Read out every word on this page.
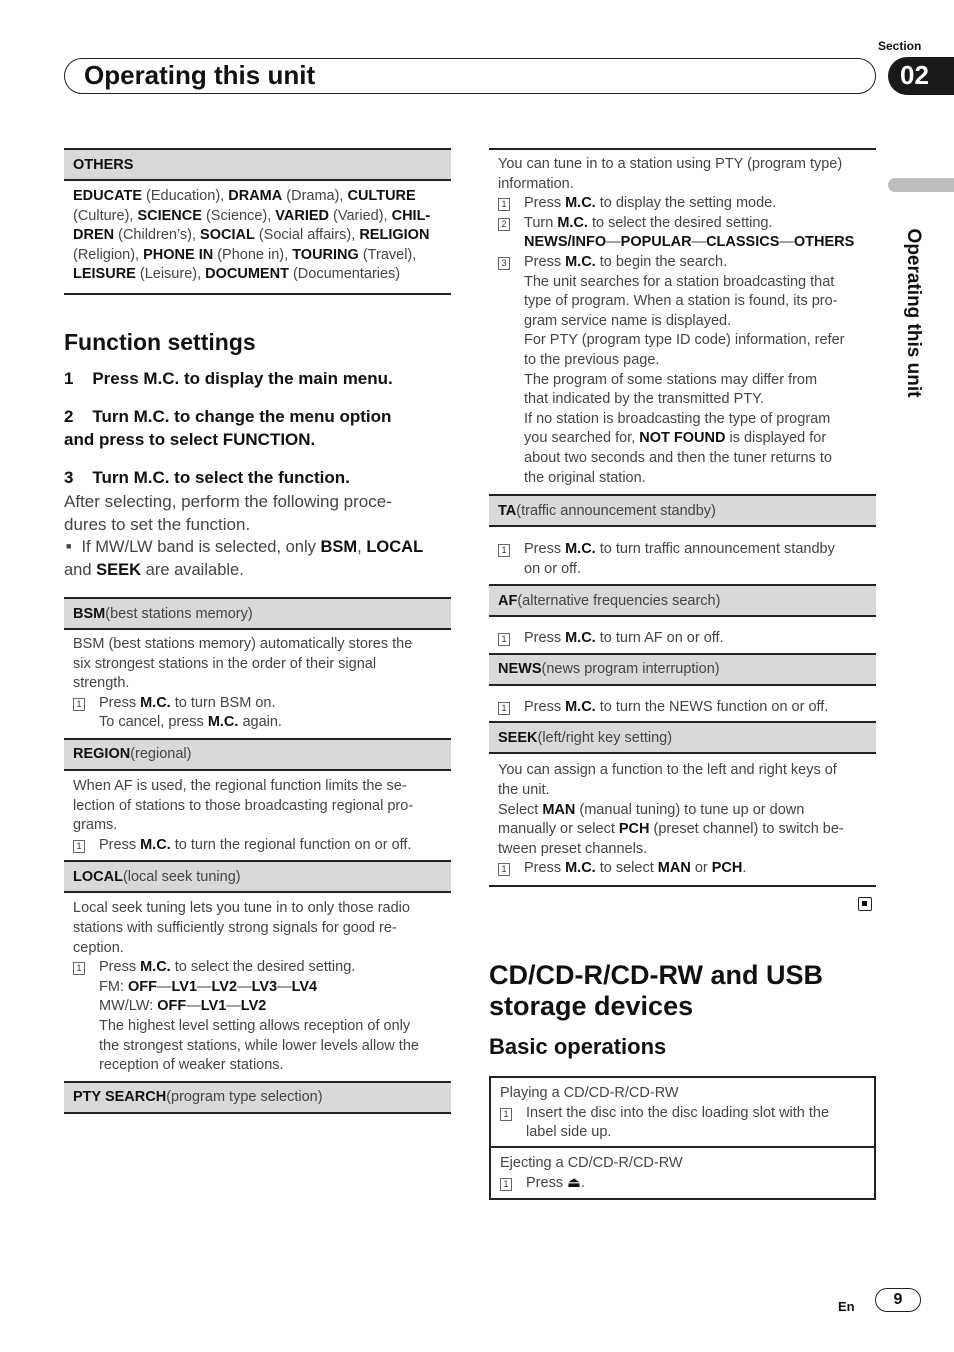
Section
Operating this unit	02
Operating this unit
OTHERS
EDUCATE (Education), DRAMA (Drama), CULTURE
(Culture), SCIENCE (Science), VARIED (Varied), CHIL-
DREN (Children’s), SOCIAL (Social affairs), RELIGION
(Religion), PHONE IN (Phone in), TOURING (Travel),
LEISURE (Leisure), DOCUMENT (Documentaries)
Function settings
1    Press M.C. to display the main menu.
2    Turn M.C. to change the menu option
and press to select FUNCTION.
3    Turn M.C. to select the function.
After selecting, perform the following proce-
dures to set the function.
■ If MW/LW band is selected, only BSM, LOCAL
and SEEK are available.
BSM (best stations memory)
BSM (best stations memory) automatically stores the
six strongest stations in the order of their signal
strength.
1 Press M.C. to turn BSM on.
To cancel, press M.C. again.
REGION (regional)
When AF is used, the regional function limits the se-
lection of stations to those broadcasting regional pro-
grams.
1 Press M.C. to turn the regional function on or off.
LOCAL (local seek tuning)
Local seek tuning lets you tune in to only those radio
stations with sufficiently strong signals for good re-
ception.
1 Press M.C. to select the desired setting.
FM: OFF—LV1—LV2—LV3—LV4
MW/LW: OFF—LV1—LV2
The highest level setting allows reception of only
the strongest stations, while lower levels allow the
reception of weaker stations.
PTY SEARCH (program type selection)
You can tune in to a station using PTY (program type)
information.
1 Press M.C. to display the setting mode.
2 Turn M.C. to select the desired setting.
NEWS/INFO—POPULAR—CLASSICS—OTHERS
3 Press M.C. to begin the search.
The unit searches for a station broadcasting that
type of program. When a station is found, its pro-
gram service name is displayed.
For PTY (program type ID code) information, refer
to the previous page.
The program of some stations may differ from
that indicated by the transmitted PTY.
If no station is broadcasting the type of program
you searched for, NOT FOUND is displayed for
about two seconds and then the tuner returns to
the original station.
TA (traffic announcement standby)
1 Press M.C. to turn traffic announcement standby
on or off.
AF (alternative frequencies search)
1 Press M.C. to turn AF on or off.
NEWS (news program interruption)
1 Press M.C. to turn the NEWS function on or off.
SEEK (left/right key setting)
You can assign a function to the left and right keys of
the unit.
Select MAN (manual tuning) to tune up or down
manually or select PCH (preset channel) to switch be-
tween preset channels.
1 Press M.C. to select MAN or PCH.
CD/CD-R/CD-RW and USB
storage devices
Basic operations
Playing a CD/CD-R/CD-RW
1 Insert the disc into the disc loading slot with the
label side up.
Ejecting a CD/CD-R/CD-RW
1 Press
⏏ .
En	9
